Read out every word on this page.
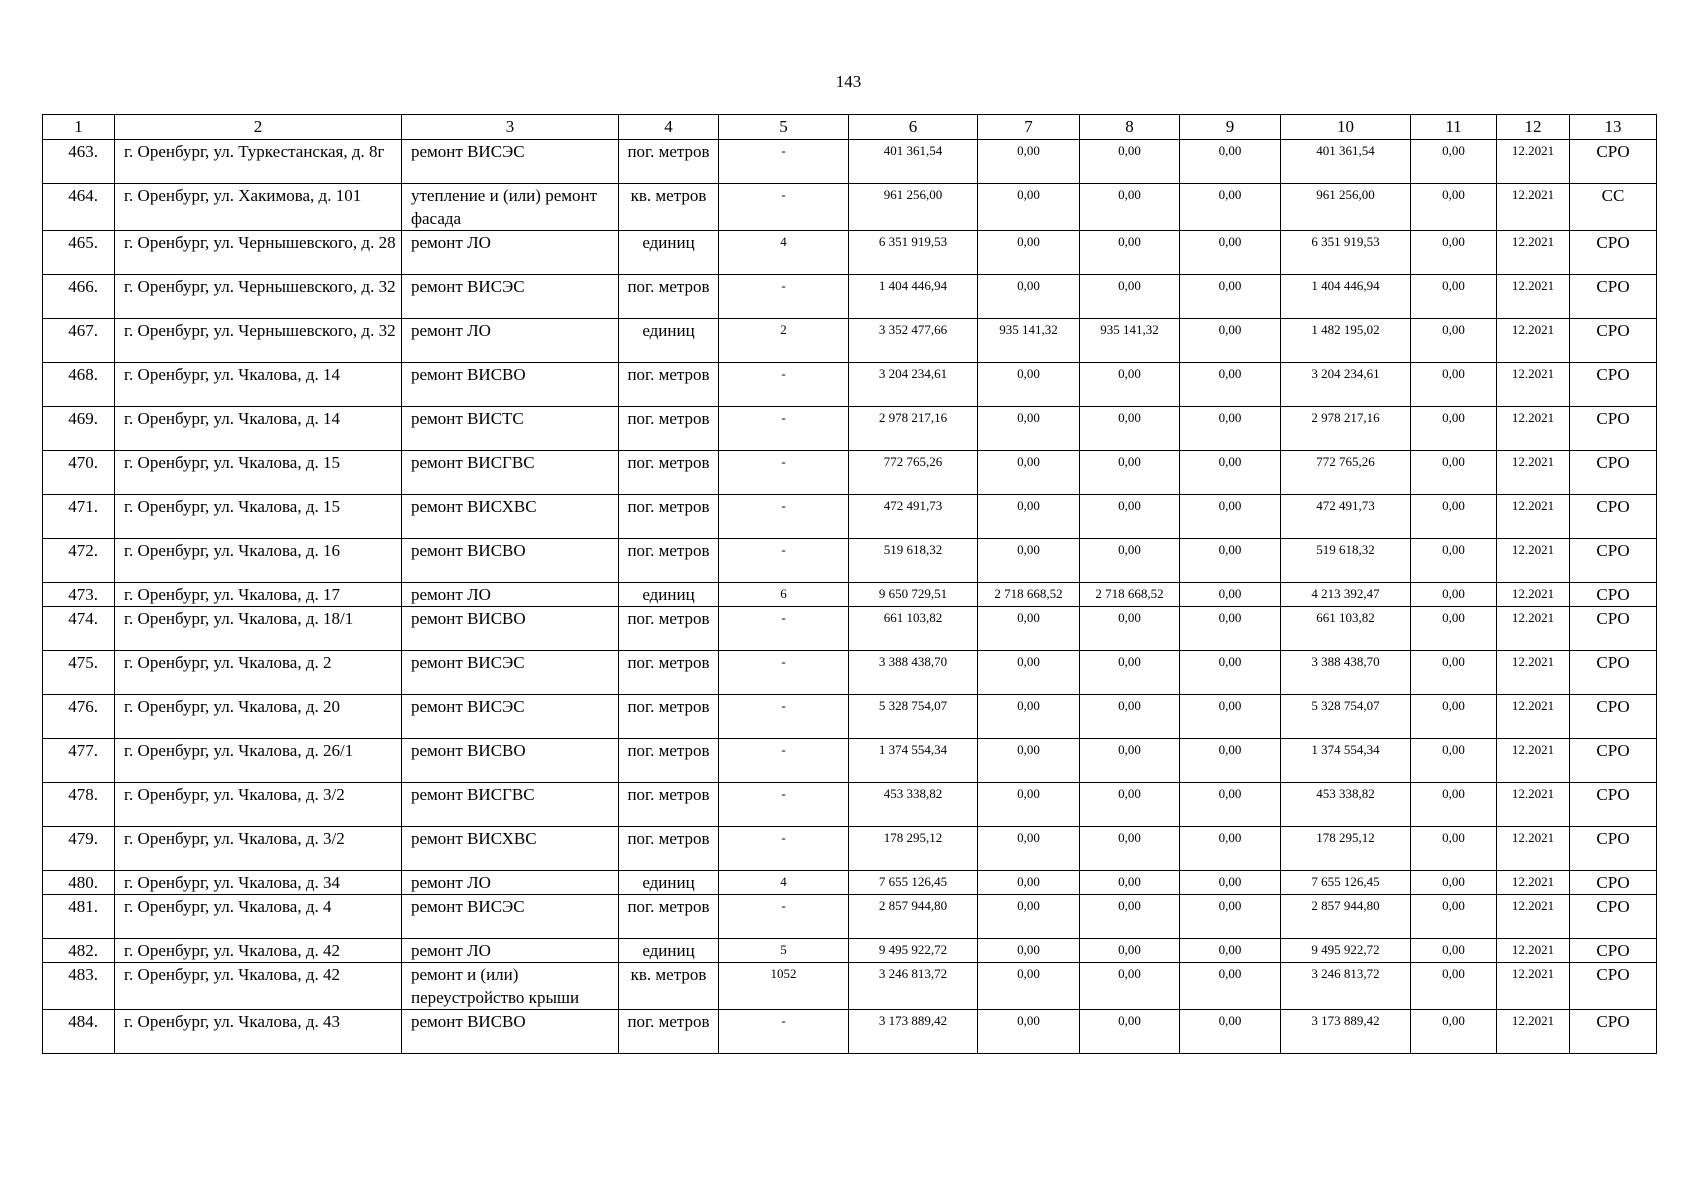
143
1	2	3	4	5	6	7	8	9	10	11	12	13
463.	г. Оренбург, ул. Туркестанская, д. 8г	ремонт ВИСЭС	пог. метров	-	401 361,54	0,00	0,00	0,00	401 361,54	0,00	12.2021	СРО
464.	г. Оренбург, ул. Хакимова, д. 101	утепление и (или) ремонт фасада	кв. метров	-	961 256,00	0,00	0,00	0,00	961 256,00	0,00	12.2021	СС
465.	г. Оренбург, ул. Чернышевского, д. 28	ремонт ЛО	единиц	4	6 351 919,53	0,00	0,00	0,00	6 351 919,53	0,00	12.2021	СРО
466.	г. Оренбург, ул. Чернышевского, д. 32	ремонт ВИСЭС	пог. метров	-	1 404 446,94	0,00	0,00	0,00	1 404 446,94	0,00	12.2021	СРО
467.	г. Оренбург, ул. Чернышевского, д. 32	ремонт ЛО	единиц	2	3 352 477,66	935 141,32	935 141,32	0,00	1 482 195,02	0,00	12.2021	СРО
468.	г. Оренбург, ул. Чкалова, д. 14	ремонт ВИСВО	пог. метров	-	3 204 234,61	0,00	0,00	0,00	3 204 234,61	0,00	12.2021	СРО
469.	г. Оренбург, ул. Чкалова, д. 14	ремонт ВИСТС	пог. метров	-	2 978 217,16	0,00	0,00	0,00	2 978 217,16	0,00	12.2021	СРО
470.	г. Оренбург, ул. Чкалова, д. 15	ремонт ВИСГВС	пог. метров	-	772 765,26	0,00	0,00	0,00	772 765,26	0,00	12.2021	СРО
471.	г. Оренбург, ул. Чкалова, д. 15	ремонт ВИСХВС	пог. метров	-	472 491,73	0,00	0,00	0,00	472 491,73	0,00	12.2021	СРО
472.	г. Оренбург, ул. Чкалова, д. 16	ремонт ВИСВО	пог. метров	-	519 618,32	0,00	0,00	0,00	519 618,32	0,00	12.2021	СРО
473.	г. Оренбург, ул. Чкалова, д. 17	ремонт ЛО	единиц	6	9 650 729,51	2 718 668,52	2 718 668,52	0,00	4 213 392,47	0,00	12.2021	СРО
474.	г. Оренбург, ул. Чкалова, д. 18/1	ремонт ВИСВО	пог. метров	-	661 103,82	0,00	0,00	0,00	661 103,82	0,00	12.2021	СРО
475.	г. Оренбург, ул. Чкалова, д. 2	ремонт ВИСЭС	пог. метров	-	3 388 438,70	0,00	0,00	0,00	3 388 438,70	0,00	12.2021	СРО
476.	г. Оренбург, ул. Чкалова, д. 20	ремонт ВИСЭС	пог. метров	-	5 328 754,07	0,00	0,00	0,00	5 328 754,07	0,00	12.2021	СРО
477.	г. Оренбург, ул. Чкалова, д. 26/1	ремонт ВИСВО	пог. метров	-	1 374 554,34	0,00	0,00	0,00	1 374 554,34	0,00	12.2021	СРО
478.	г. Оренбург, ул. Чкалова, д. 3/2	ремонт ВИСГВС	пог. метров	-	453 338,82	0,00	0,00	0,00	453 338,82	0,00	12.2021	СРО
479.	г. Оренбург, ул. Чкалова, д. 3/2	ремонт ВИСХВС	пог. метров	-	178 295,12	0,00	0,00	0,00	178 295,12	0,00	12.2021	СРО
480.	г. Оренбург, ул. Чкалова, д. 34	ремонт ЛО	единиц	4	7 655 126,45	0,00	0,00	0,00	7 655 126,45	0,00	12.2021	СРО
481.	г. Оренбург, ул. Чкалова, д. 4	ремонт ВИСЭС	пог. метров	-	2 857 944,80	0,00	0,00	0,00	2 857 944,80	0,00	12.2021	СРО
482.	г. Оренбург, ул. Чкалова, д. 42	ремонт ЛО	единиц	5	9 495 922,72	0,00	0,00	0,00	9 495 922,72	0,00	12.2021	СРО
483.	г. Оренбург, ул. Чкалова, д. 42	ремонт и (или) переустройство крыши	кв. метров	1052	3 246 813,72	0,00	0,00	0,00	3 246 813,72	0,00	12.2021	СРО
484.	г. Оренбург, ул. Чкалова, д. 43	ремонт ВИСВО	пог. метров	-	3 173 889,42	0,00	0,00	0,00	3 173 889,42	0,00	12.2021	СРО
